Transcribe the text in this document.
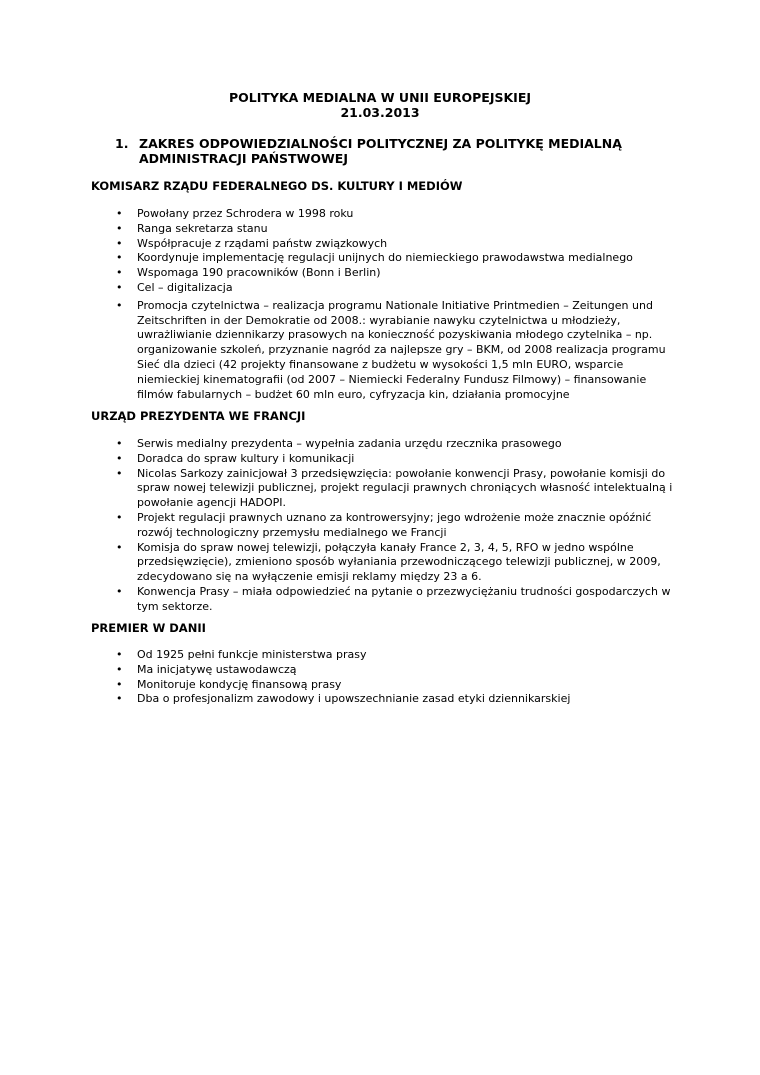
POLITYKA MEDIALNA W UNII EUROPEJSKIEJ
21.03.2013
1. ZAKRES ODPOWIEDZIALNOŚCI POLITYCZNEJ ZA POLITYKĘ MEDIALNĄ ADMINISTRACJI PAŃSTWOWEJ
KOMISARZ RZĄDU FEDERALNEGO DS. KULTURY I MEDIÓW
• Powołany przez Schrodera w 1998 roku
• Ranga sekretarza stanu
• Współpracuje z rządami państw związkowych
• Koordynuje implementację regulacji unijnych do niemieckiego prawodawstwa medialnego
• Wspomaga 190 pracowników (Bonn i Berlin)
• Cel – digitalizacja
• Promocja czytelnictwa – realizacja programu Nationale Initiative Printmedien – Zeitungen und Zeitschriften in der Demokratie od 2008.: wyrabianie nawyku czytelnictwa u młodzieży, uwrażliwianie dziennikarzy prasowych na konieczność pozyskiwania młodego czytelnika – np. organizowanie szkoleń, przyznanie nagród za najlepsze gry – BKM, od 2008 realizacja programu Sieć dla dzieci (42 projekty finansowane z budżetu w wysokości 1,5 mln EURO, wsparcie niemieckiej kinematografii (od 2007 – Niemiecki Federalny Fundusz Filmowy) – finansowanie filmów fabularnych – budżet 60 mln euro, cyfryzacja kin, działania promocyjne
URZĄD PREZYDENTA WE FRANCJI
• Serwis medialny prezydenta – wypełnia zadania urzędu rzecznika prasowego
• Doradca do spraw kultury i komunikacji
• Nicolas Sarkozy zainicjował 3 przedsięwzięcia: powołanie konwencji Prasy, powołanie komisji do spraw nowej telewizji publicznej, projekt regulacji prawnych chroniących własność intelektualną i powołanie agencji HADOPI.
• Projekt regulacji prawnych uznano za kontrowersyjny; jego wdrożenie może znacznie opóźnić rozwój technologiczny przemysłu medialnego we Francji
• Komisja do spraw nowej telewizji, połączyła kanały France 2, 3, 4, 5, RFO w jedno wspólne przedsięwzięcie), zmieniono sposób wyłaniania przewodniczącego telewizji publicznej, w 2009, zdecydowano się na wyłączenie emisji reklamy między 23 a 6.
• Konwencja Prasy – miała odpowiedzieć na pytanie o przezwyciężaniu trudności gospodarczych w tym sektorze.
PREMIER W DANII
• Od 1925 pełni funkcje ministerstwa prasy
• Ma inicjatywę ustawodawczą
• Monitoruje kondycję finansową prasy
• Dba o profesjonalizm zawodowy i upowszechnianie zasad etyki dziennikarskiej
